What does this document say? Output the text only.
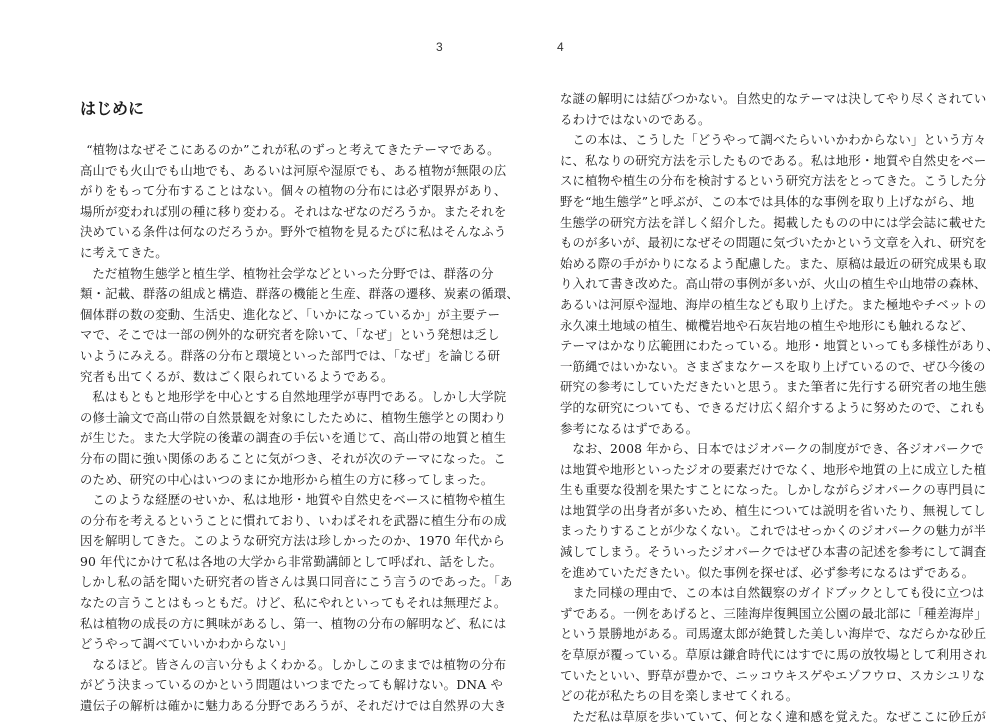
3	4
はじめに
“植物はなぜそこにあるのか”これが私のずっと考えてきたテーマである。
高山でも火山でも山地でも、あるいは河原や湿原でも、ある植物が無限の広
がりをもって分布することはない。個々の植物の分布には必ず限界があり、
場所が変われば別の種に移り変わる。それはなぜなのだろうか。またそれを
決めている条件は何なのだろうか。野外で植物を見るたびに私はそんなふう
に考えてきた。
ただ植物生態学と植生学、植物社会学などといった分野では、群落の分
類・記載、群落の組成と構造、群落の機能と生産、群落の遷移、炭素の循環、
個体群の数の変動、生活史、進化など、「いかになっているか」が主要テー
マで、そこでは一部の例外的な研究者を除いて、「なぜ」という発想は乏し
いようにみえる。群落の分布と環境といった部門では、「なぜ」を論じる研
究者も出てくるが、数はごく限られているようである。
私はもともと地形学を中心とする自然地理学が専門である。しかし大学院
の修士論文で高山帯の自然景観を対象にしたために、植物生態学との関わり
が生じた。また大学院の後輩の調査の手伝いを通じて、高山帯の地質と植生
分布の間に強い関係のあることに気がつき、それが次のテーマになった。こ
のため、研究の中心はいつのまにか地形から植生の方に移ってしまった。
このような経歴のせいか、私は地形・地質や自然史をベースに植物や植生
の分布を考えるということに慣れており、いわばそれを武器に植生分布の成
因を解明してきた。このような研究方法は珍しかったのか、1970 年代から
90 年代にかけて私は各地の大学から非常勤講師として呼ばれ、話をした。
しかし私の話を聞いた研究者の皆さんは異口同音にこう言うのであった。「あ
なたの言うことはもっともだ。けど、私にやれといってもそれは無理だよ。
私は植物の成長の方に興味があるし、第一、植物の分布の解明など、私には
どうやって調べていいかわからない」
なるほど。皆さんの言い分もよくわかる。しかしこのままでは植物の分布
がどう決まっているのかという問題はいつまでたっても解けない。DNA や
遺伝子の解析は確かに魅力ある分野であろうが、それだけでは自然界の大き
な謎の解明には結びつかない。自然史的なテーマは決してやり尽くされてい
るわけではないのである。
この本は、こうした「どうやって調べたらいいかわからない」という方々
に、私なりの研究方法を示したものである。私は地形・地質や自然史をベー
スに植物や植生の分布を検討するという研究方法をとってきた。こうした分
野を“地生態学”と呼ぶが、この本では具体的な事例を取り上げながら、地
生態学の研究方法を詳しく紹介した。掲載したものの中には学会誌に載せた
ものが多いが、最初になぜその問題に気づいたかという文章を入れ、研究を
始める際の手がかりになるよう配慮した。また、原稿は最近の研究成果も取
り入れて書き改めた。高山帯の事例が多いが、火山の植生や山地帯の森林、
あるいは河原や湿地、海岸の植生なども取り上げた。また極地やチベットの
永久凍土地域の植生、橄欖岩地や石灰岩地の植生や地形にも触れるなど、
テーマはかなり広範囲にわたっている。地形・地質といっても多様性があり、
一筋縄ではいかない。さまざまなケースを取り上げているので、ぜひ今後の
研究の参考にしていただきたいと思う。また筆者に先行する研究者の地生態
学的な研究についても、できるだけ広く紹介するように努めたので、これも
参考になるはずである。
なお、2008 年から、日本ではジオパークの制度ができ、各ジオパークで
は地質や地形といったジオの要素だけでなく、地形や地質の上に成立した植
生も重要な役割を果たすことになった。しかしながらジオパークの専門員に
は地質学の出身者が多いため、植生については説明を省いたり、無視してし
まったりすることが少なくない。これではせっかくのジオパークの魅力が半
減してしまう。そういったジオパークではぜひ本書の記述を参考にして調査
を進めていただきたい。似た事例を探せば、必ず参考になるはずである。
また同様の理由で、この本は自然観察のガイドブックとしても役に立つは
ずである。一例をあげると、三陸海岸復興国立公園の最北部に「種差海岸」
という景勝地がある。司馬遼太郎が絶賛した美しい海岸で、なだらかな砂丘
を草原が覆っている。草原は鎌倉時代にはすでに馬の放牧場として利用され
ていたといい、野草が豊かで、ニッコウキスゲやエゾフウロ、スカシユリな
どの花が私たちの目を楽しませてくれる。
ただ私は草原を歩いていて、何となく違和感を覚えた。なぜここに砂丘が
